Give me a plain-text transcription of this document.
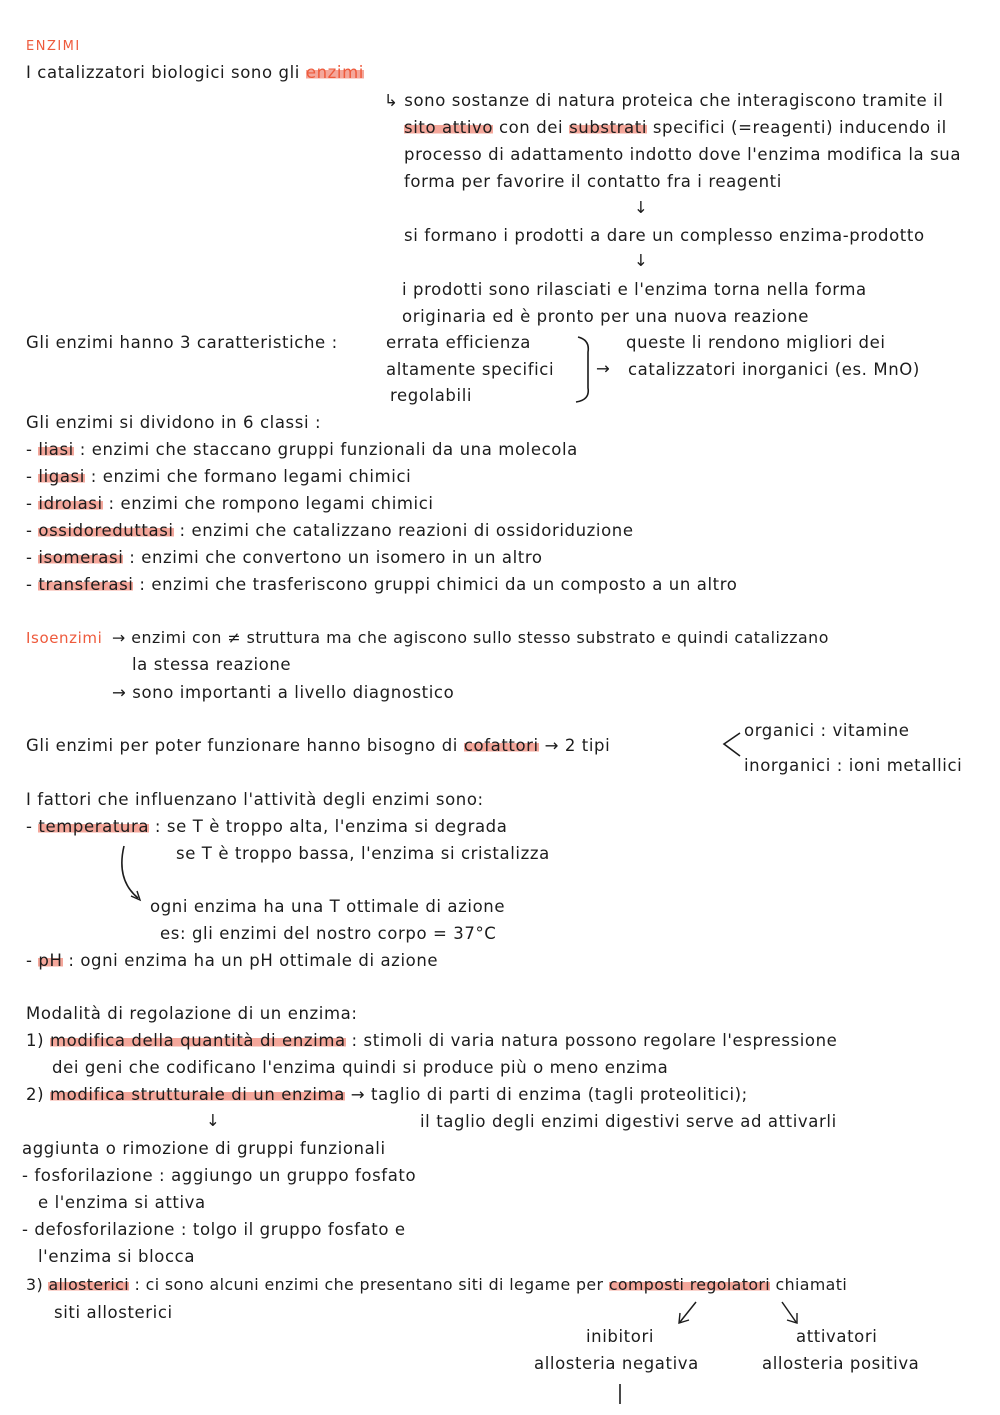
ENZIMI
I catalizzatori biologici sono gli enzimi
↳ sono sostanze di natura proteica che interagiscono tramite il
sito attivo con dei substrati specifici (=reagenti) inducendo il
processo di adattamento indotto dove l'enzima modifica la sua
forma per favorire il contatto fra i reagenti
↓
si formano i prodotti a dare un complesso enzima-prodotto
↓
i prodotti sono rilasciati e l'enzima torna nella forma
originaria ed è pronto per una nuova reazione
Gli enzimi hanno 3 caratteristiche :	errata efficienza
altamente specifici
regolabili
→
queste li rendono migliori dei
catalizzatori inorganici (es. MnO)
Gli enzimi si dividono in 6 classi :
- liasi : enzimi che staccano gruppi funzionali da una molecola
- ligasi : enzimi che formano legami chimici
- idrolasi : enzimi che rompono legami chimici
- ossidoreduttasi : enzimi che catalizzano reazioni di ossidoriduzione
- isomerasi : enzimi che convertono un isomero in un altro
- transferasi : enzimi che trasferiscono gruppi chimici da un composto a un altro
Isoenzimi → enzimi con ≠ struttura ma che agiscono sullo stesso substrato e quindi catalizzano
la stessa reazione
→ sono importanti a livello diagnostico
Gli enzimi per poter funzionare hanno bisogno di cofattori → 2 tipi
organici : vitamine
inorganici : ioni metallici
I fattori che influenzano l'attività degli enzimi sono:
- temperatura : se T è troppo alta, l'enzima si degrada
se T è troppo bassa, l'enzima si cristalizza
ogni enzima ha una T ottimale di azione
es: gli enzimi del nostro corpo = 37°C
- pH : ogni enzima ha un pH ottimale di azione
Modalità di regolazione di un enzima:
1) modifica della quantità di enzima : stimoli di varia natura possono regolare l'espressione
dei geni che codificano l'enzima quindi si produce più o meno enzima
2) modifica strutturale di un enzima → taglio di parti di enzima (tagli proteolitici);
↓	il taglio degli enzimi digestivi serve ad attivarli
aggiunta o rimozione di gruppi funzionali
- fosforilazione : aggiungo un gruppo fosfato
e l'enzima si attiva
- defosforilazione : tolgo il gruppo fosfato e
l'enzima si blocca
3) allosterici : ci sono alcuni enzimi che presentano siti di legame per composti regolatori chiamati
siti allosterici
inibitori
allosteria negativa
attivatori
allosteria positiva
